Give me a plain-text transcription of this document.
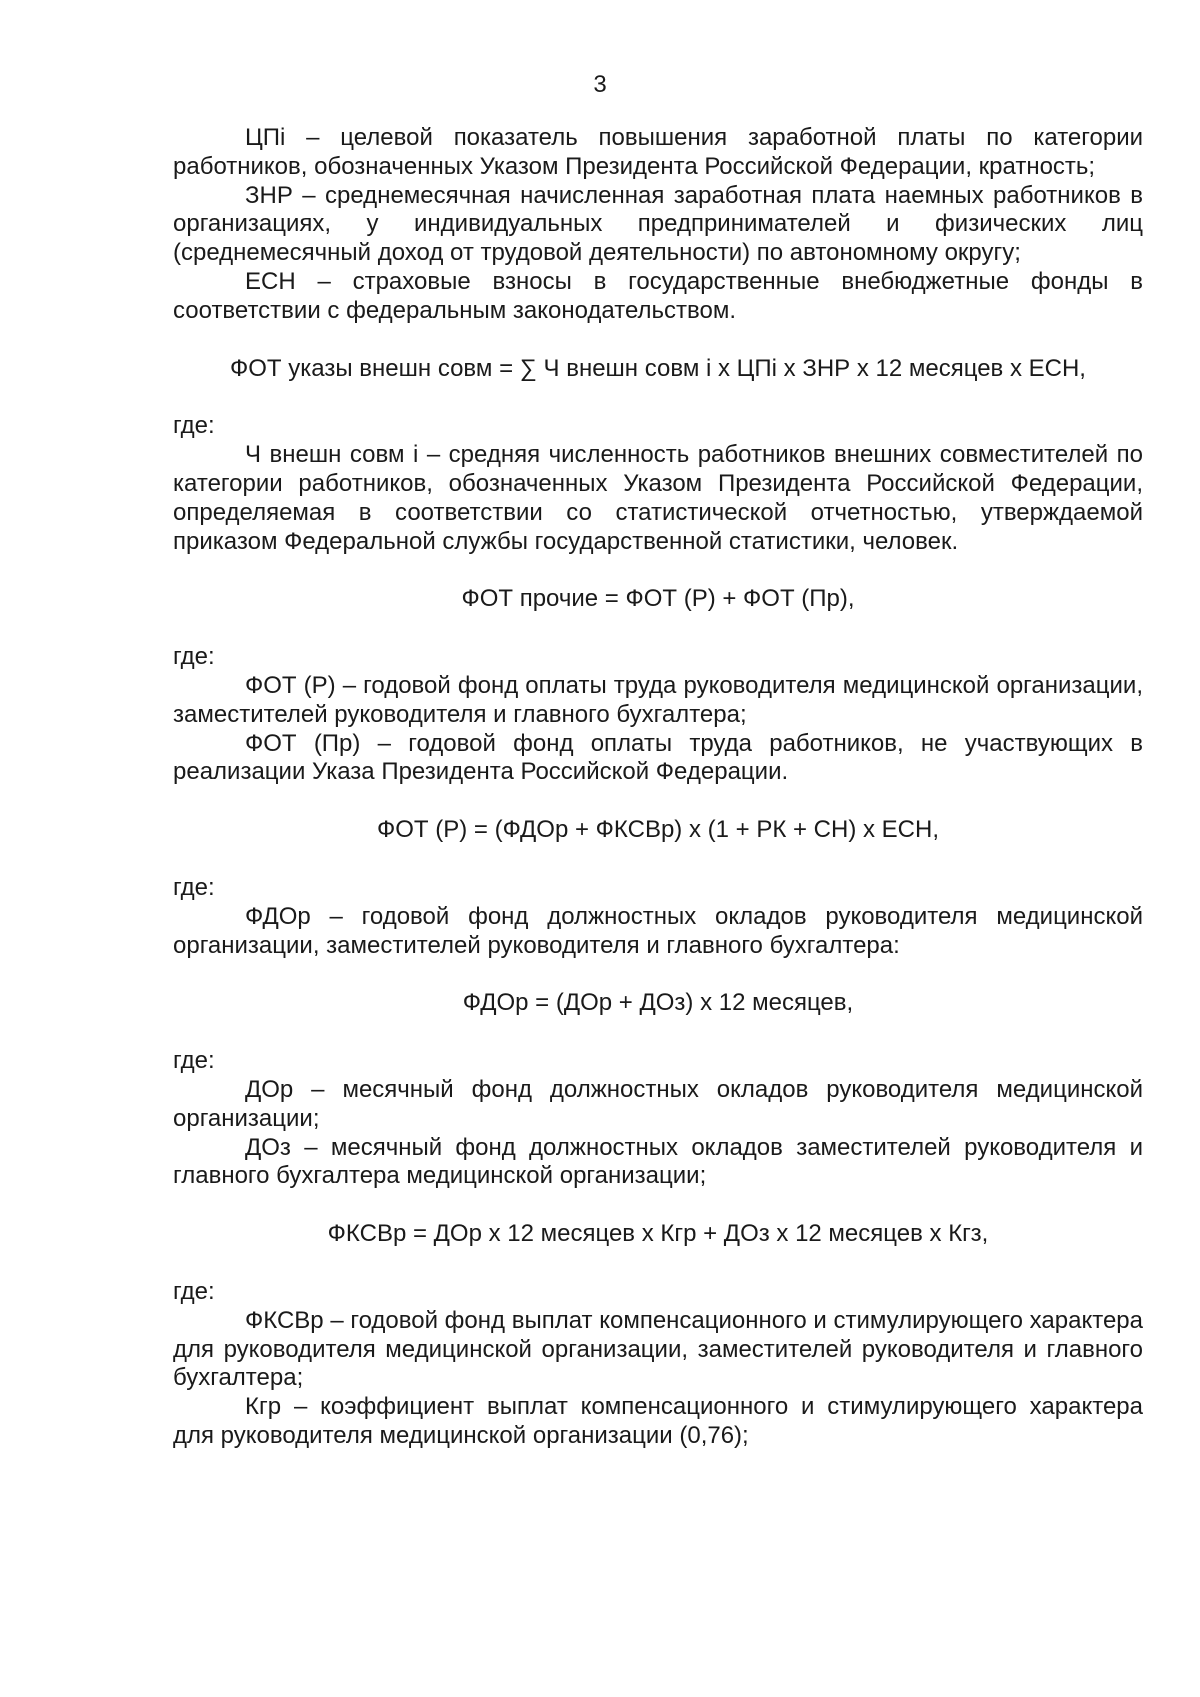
3

ЦПi – целевой показатель повышения заработной платы по категории работников, обозначенных Указом Президента Российской Федерации, кратность;

ЗНР – среднемесячная начисленная заработная плата наемных работников в организациях, у индивидуальных предпринимателей и физических лиц (среднемесячный доход от трудовой деятельности) по автономному округу;

ЕСН – страховые взносы в государственные внебюджетные фонды в соответствии с федеральным законодательством.

ФОТ указы внешн совм = ∑ Ч внешн совм i х ЦПi х ЗНР х 12 месяцев х ЕСН,

где:

Ч внешн совм i – средняя численность работников внешних совместителей по категории работников, обозначенных Указом Президента Российской Федерации, определяемая в соответствии со статистической отчетностью, утверждаемой приказом Федеральной службы государственной статистики, человек.

ФОТ прочие = ФОТ (Р) + ФОТ (Пр),

где:

ФОТ (Р) – годовой фонд оплаты труда руководителя медицинской организации, заместителей руководителя и главного бухгалтера;

ФОТ (Пр) – годовой фонд оплаты труда работников, не участвующих в реализации Указа Президента Российской Федерации.

ФОТ (Р) = (ФДОр + ФКСВр) х (1 + РК + СН) х ЕСН,

где:

ФДОр – годовой фонд должностных окладов руководителя медицинской организации, заместителей руководителя и главного бухгалтера:

ФДОр = (ДОр + ДОз) х 12 месяцев,

где:

ДОр – месячный фонд должностных окладов руководителя медицинской организации;

ДОз – месячный фонд должностных окладов заместителей руководителя и главного бухгалтера медицинской организации;

ФКСВр = ДОр х 12 месяцев х Кгр + ДОз х 12 месяцев х Кгз,

где:

ФКСВр – годовой фонд выплат компенсационного и стимулирующего характера для руководителя медицинской организации, заместителей руководителя и главного бухгалтера;

Кгр – коэффициент выплат компенсационного и стимулирующего характера для руководителя медицинской организации (0,76);
